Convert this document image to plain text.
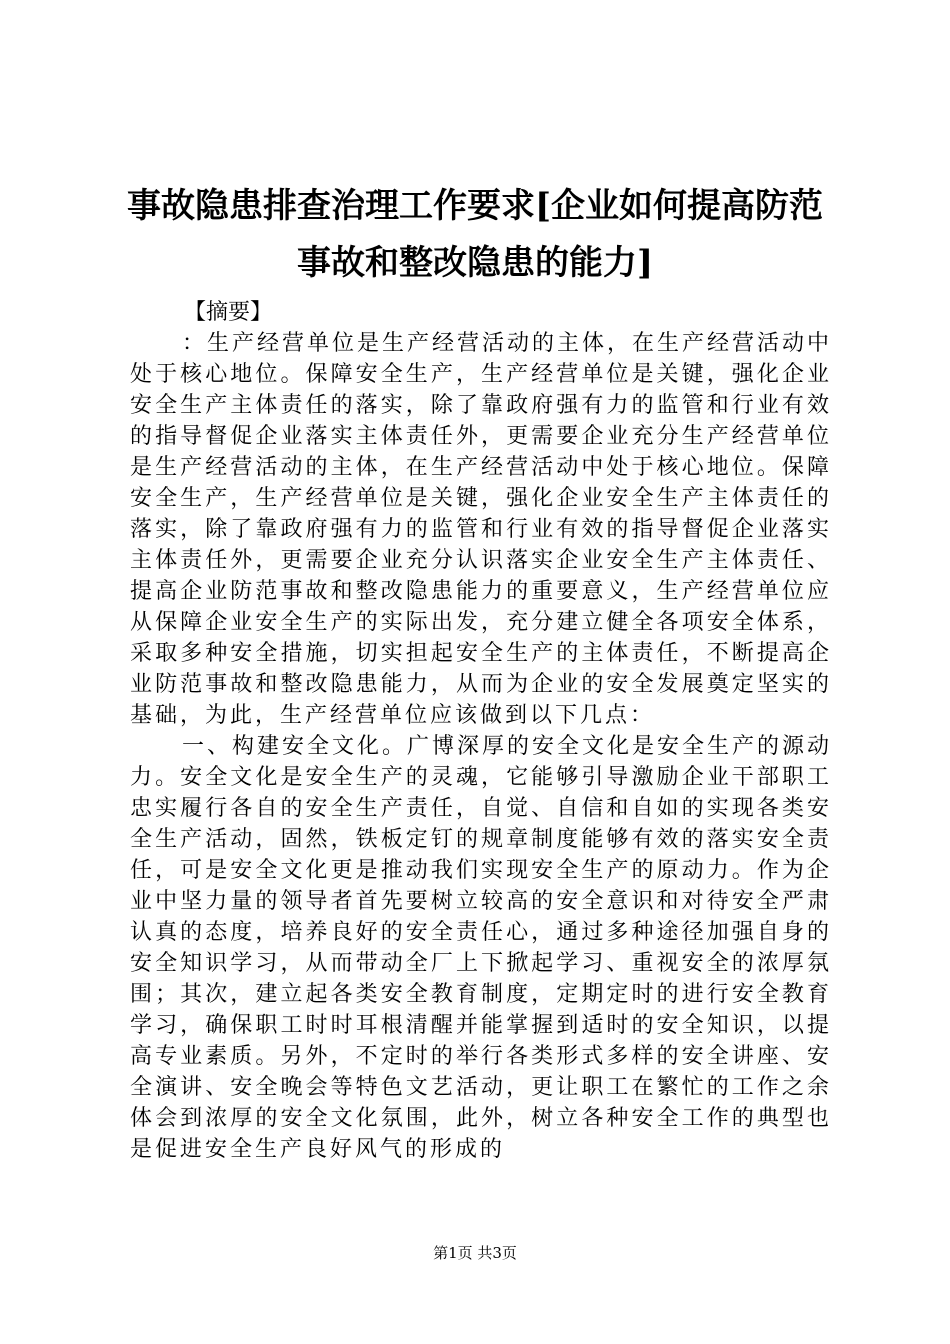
事故隐患排查治理工作要求[企业如何提高防范事故和整改隐患的能力]
【摘要】

：生产经营单位是生产经营活动的主体，在生产经营活动中处于核心地位。保障安全生产，生产经营单位是关键，强化企业安全生产主体责任的落实，除了靠政府强有力的监管和行业有效的指导督促企业落实主体责任外，更需要企业充分生产经营单位是生产经营活动的主体，在生产经营活动中处于核心地位。保障安全生产，生产经营单位是关键，强化企业安全生产主体责任的落实，除了靠政府强有力的监管和行业有效的指导督促企业落实主体责任外，更需要企业充分认识落实企业安全生产主体责任、提高企业防范事故和整改隐患能力的重要意义，生产经营单位应从保障企业安全生产的实际出发，充分建立健全各项安全体系，采取多种安全措施，切实担起安全生产的主体责任，不断提高企业防范事故和整改隐患能力，从而为企业的安全发展奠定坚实的基础，为此，生产经营单位应该做到以下几点：

一、构建安全文化。广博深厚的安全文化是安全生产的源动力。安全文化是安全生产的灵魂，它能够引导激励企业干部职工忠实履行各自的安全生产责任，自觉、自信和自如的实现各类安全生产活动，固然，铁板定钉的规章制度能够有效的落实安全责任，可是安全文化更是推动我们实现安全生产的原动力。作为企业中坚力量的领导者首先要树立较高的安全意识和对待安全严肃认真的态度，培养良好的安全责任心，通过多种途径加强自身的安全知识学习，从而带动全厂上下掀起学习、重视安全的浓厚氛围；其次，建立起各类安全教育制度，定期定时的进行安全教育学习，确保职工时时耳根清醒并能掌握到适时的安全知识，以提高专业素质。另外，不定时的举行各类形式多样的安全讲座、安全演讲、安全晚会等特色文艺活动，更让职工在繁忙的工作之余体会到浓厚的安全文化氛围，此外，树立各种安全工作的典型也是促进安全生产良好风气的形成的

第1页 共3页
